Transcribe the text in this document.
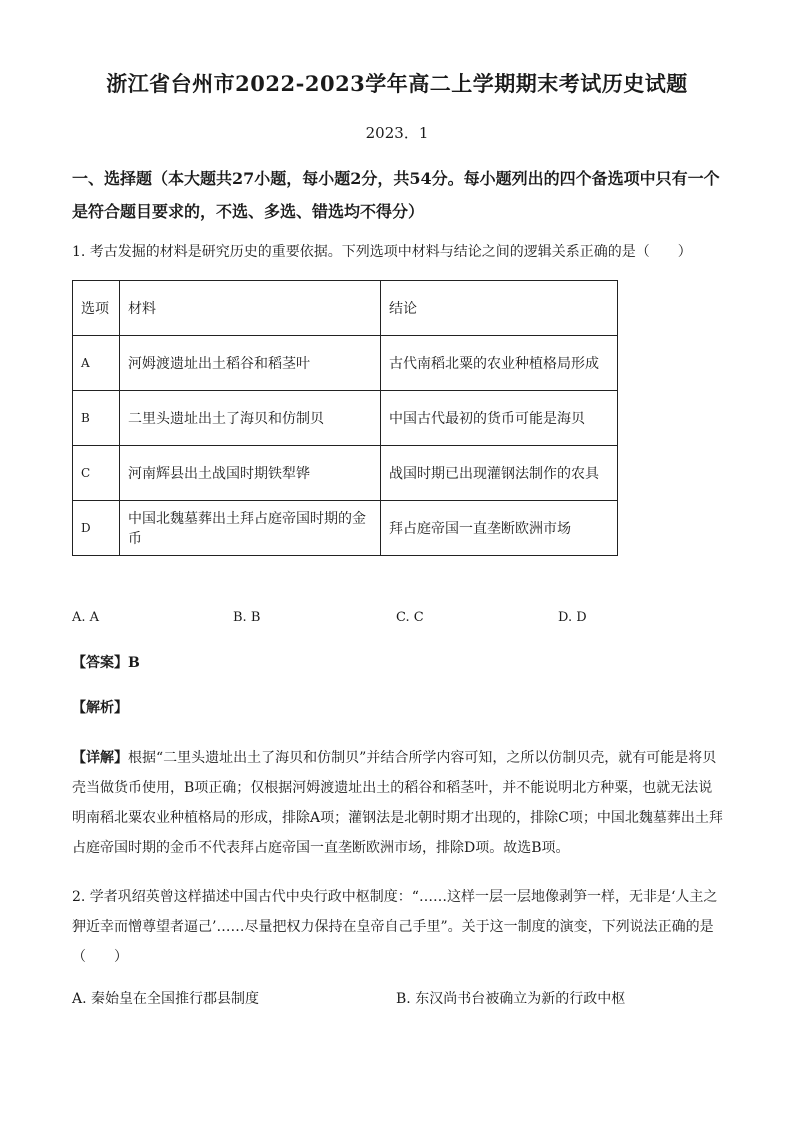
浙江省台州市2022-2023学年高二上学期期末考试历史试题
2023．1
一、选择题（本大题共27小题，每小题2分，共54分。每小题列出的四个备选项中只有一个是符合题目要求的，不选、多选、错选均不得分）
1. 考古发掘的材料是研究历史的重要依据。下列选项中材料与结论之间的逻辑关系正确的是（　　）
选项	材料	结论
A	河姆渡遗址出土稻谷和稻茎叶	古代南稻北粟的农业种植格局形成
B	二里头遗址出土了海贝和仿制贝	中国古代最初的货币可能是海贝
C	河南辉县出土战国时期铁犁铧	战国时期已出现灌钢法制作的农具
D	中国北魏墓葬出土拜占庭帝国时期的金币	拜占庭帝国一直垄断欧洲市场
A. A	B. B	C. C	D. D
【答案】B
【解析】
【详解】根据“二里头遗址出土了海贝和仿制贝”并结合所学内容可知，之所以仿制贝壳，就有可能是将贝壳当做货币使用，B项正确；仅根据河姆渡遗址出土的稻谷和稻茎叶，并不能说明北方种粟，也就无法说明南稻北粟农业种植格局的形成，排除A项；灌钢法是北朝时期才出现的，排除C项；中国北魏墓葬出土拜占庭帝国时期的金币不代表拜占庭帝国一直垄断欧洲市场，排除D项。故选B项。
2. 学者巩绍英曾这样描述中国古代中央行政中枢制度：“……这样一层一层地像剥笋一样，无非是‘人主之狎近幸而憎尊望者逼己’……尽量把权力保持在皇帝自己手里”。关于这一制度的演变，下列说法正确的是（　　）
A. 秦始皇在全国推行郡县制度	B. 东汉尚书台被确立为新的行政中枢
